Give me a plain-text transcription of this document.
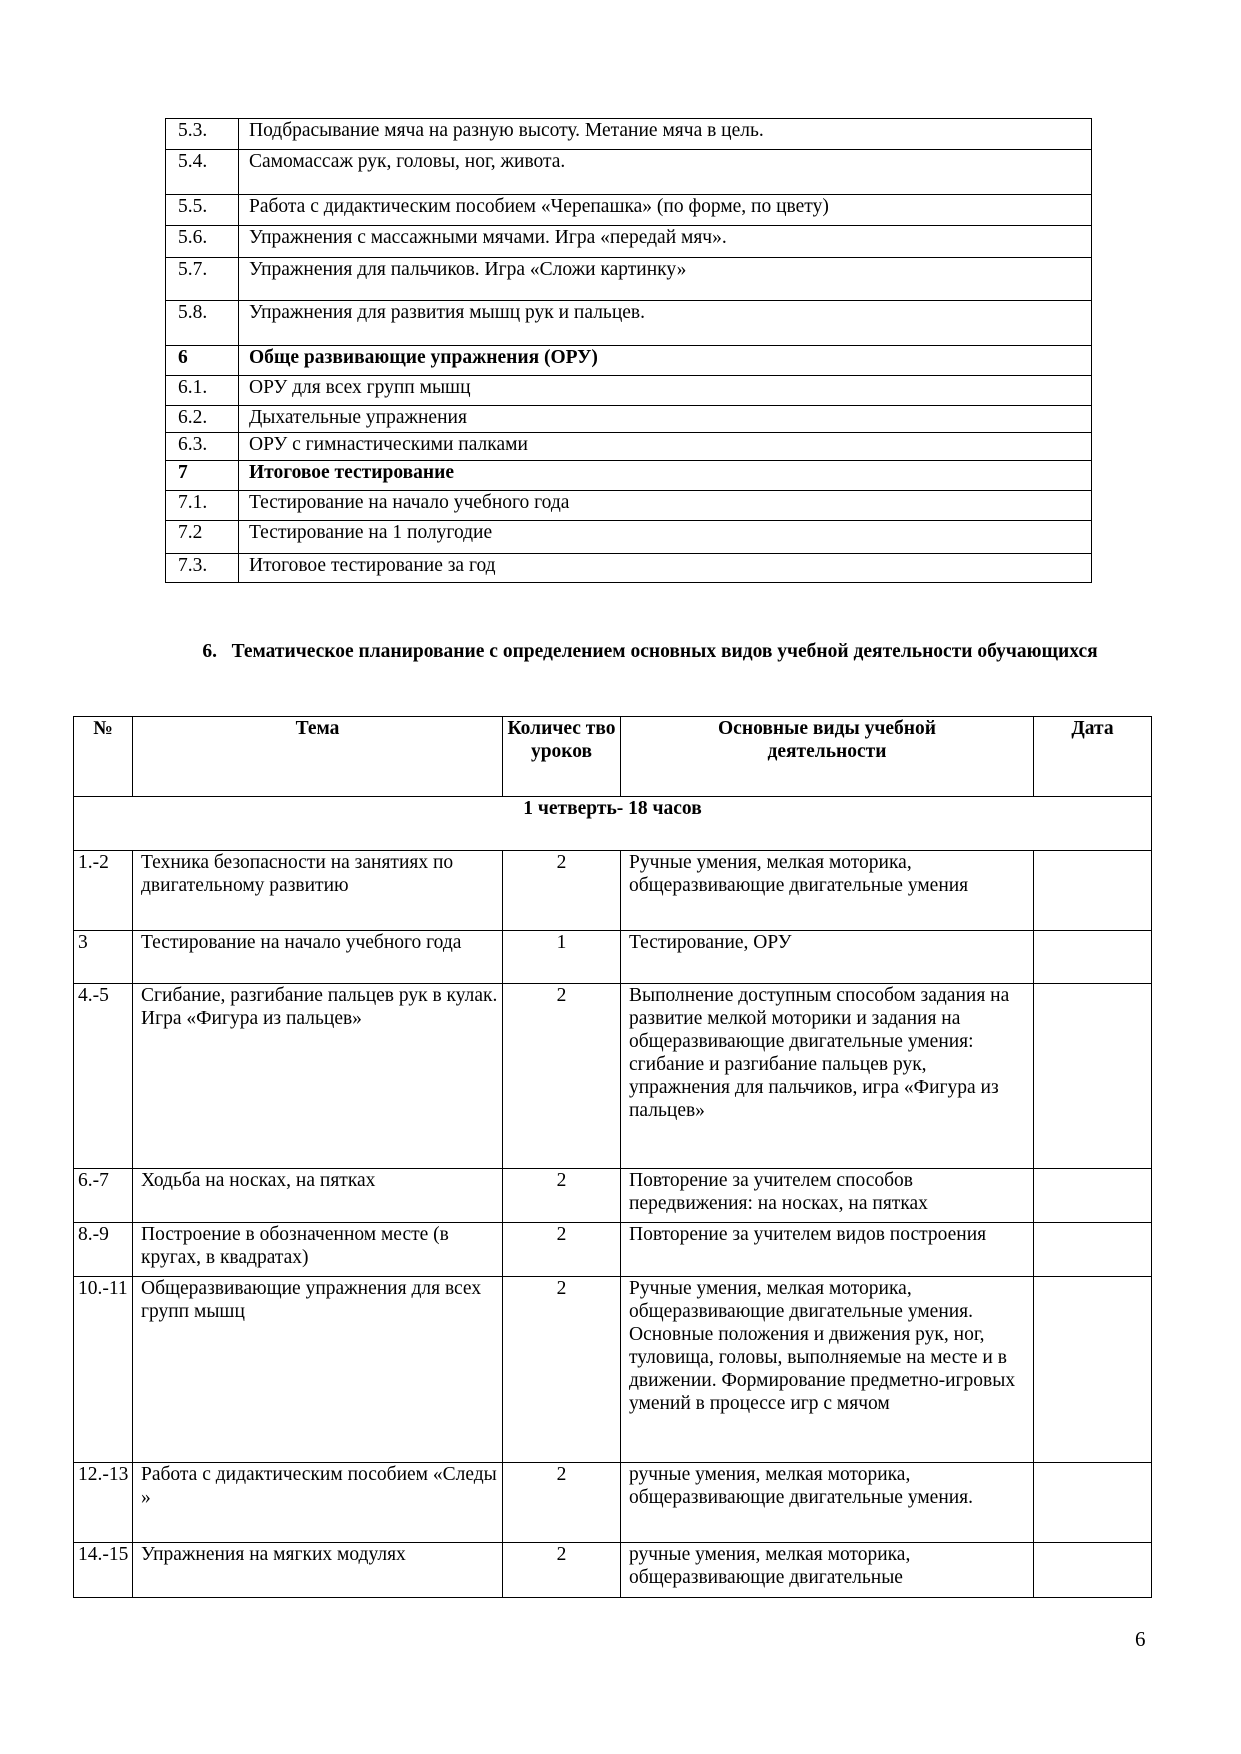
5.3.	Подбрасывание мяча на разную высоту. Метание мяча в цель.
5.4.	Самомассаж рук, головы, ног, живота.
5.5.	Работа с дидактическим пособием «Черепашка» (по форме, по цвету)
5.6.	Упражнения с массажными мячами. Игра «передай мяч».
5.7.	Упражнения для пальчиков. Игра «Сложи картинку»
5.8.	Упражнения для развития мышц рук и пальцев.
6	Обще развивающие упражнения (ОРУ)
6.1.	ОРУ для всех групп мышц
6.2.	Дыхательные упражнения
6.3.	ОРУ с гимнастическими палками
7	Итоговое тестирование
7.1.	Тестирование на начало учебного года
7.2	Тестирование на 1 полугодие
7.3.	Итоговое тестирование за год
6. Тематическое планирование с определением основных видов учебной деятельности обучающихся
№	Тема	Количес тво уроков	Основные виды учебной деятельности	Дата
1 четверть- 18 часов				
1.-2	Техника безопасности на занятиях по двигательному развитию	2	Ручные умения, мелкая моторика, общеразвивающие двигательные умения	
3	Тестирование на начало учебного года	1	Тестирование, ОРУ	
4.-5	Сгибание, разгибание пальцев рук в кулак. Игра «Фигура из пальцев»	2	Выполнение доступным способом задания на развитие мелкой моторики и задания на общеразвивающие двигательные умения: сгибание и разгибание пальцев рук, упражнения для пальчиков, игра «Фигура из пальцев»	
6.-7	Ходьба на носках, на пятках	2	Повторение за учителем способов передвижения: на носках, на пятках	
8.-9	Построение в обозначенном месте (в кругах, в квадратах)	2	Повторение за учителем видов построения	
10.-11	Общеразвивающие упражнения для всех групп мышц	2	Ручные умения, мелкая моторика, общеразвивающие двигательные умения. Основные положения и движения рук, ног, туловища, головы, выполняемые на месте и в движении. Формирование предметно-игровых умений в процессе игр с мячом	
12.-13	Работа с дидактическим пособием «Следы »	2	ручные умения, мелкая моторика, общеразвивающие двигательные умения.	
14.-15	Упражнения на мягких модулях	2	ручные умения, мелкая моторика, общеразвивающие двигательные	
6
